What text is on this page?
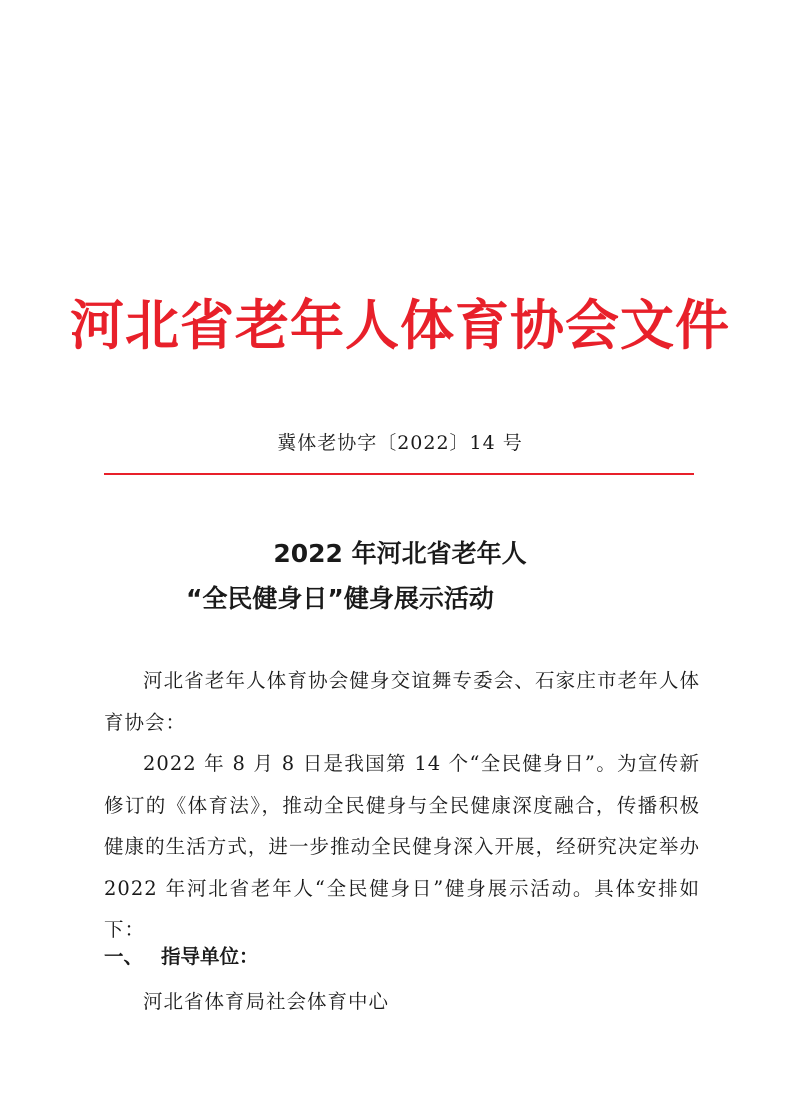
河北省老年人体育协会文件
冀体老协字〔2022〕14 号
2022 年河北省老年人
“全民健身日”健身展示活动

河北省老年人体育协会健身交谊舞专委会、石家庄市老年人体育协会：

2022 年 8 月 8 日是我国第 14 个“全民健身日”。为宣传新修订的《体育法》，推动全民健身与全民健康深度融合，传播积极健康的生活方式，进一步推动全民健身深入开展，经研究决定举办 2022 年河北省老年人“全民健身日”健身展示活动。具体安排如下：

一、 指导单位：
河北省体育局社会体育中心
